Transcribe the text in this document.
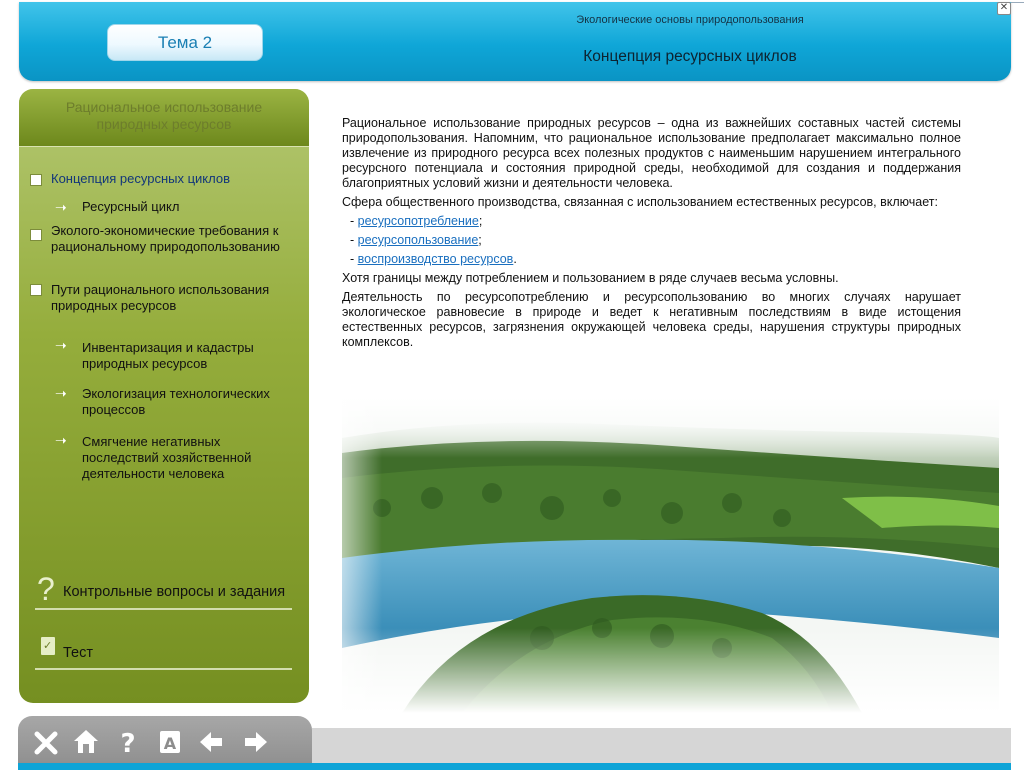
Тема 2
Экологические основы природопользования
Концепция ресурсных циклов
✕
Рациональное использование природных ресурсов
Концепция ресурсных циклов
➝ Ресурсный цикл
Эколого-экономические требования к рациональному природопользованию
Пути рационального использования природных ресурсов
➝ Инвентаризация и кадастры природных ресурсов
➝ Экологизация технологических процессов
➝ Смягчение негативных последствий хозяйственной деятельности человека
? Контрольные вопросы и задания
✓
Тест

Рациональное использование природных ресурсов – одна из важнейших составных частей системы природопользования. Напомним, что рациональное использование предполагает максимально полное извлечение из природного ресурса всех полезных продуктов с наименьшим нарушением интегрального ресурсного потенциала и состояния природной среды, необходимой для создания и поддержания благоприятных условий жизни и деятельности человека.

Сфера общественного производства, связанная с использованием естественных ресурсов, включает:

- ресурсопотребление;
- ресурсопользование;
- воспроизводство ресурсов.

Хотя границы между потреблением и пользованием в ряде случаев весьма условны.

Деятельность по ресурсопотреблению и ресурсопользованию во многих случаях нарушает экологическое равновесие в природе и ведет к негативным последствиям в виде истощения естественных ресурсов, загрязнения окружающей человека среды, нарушения структуры природных комплексов.

? A
